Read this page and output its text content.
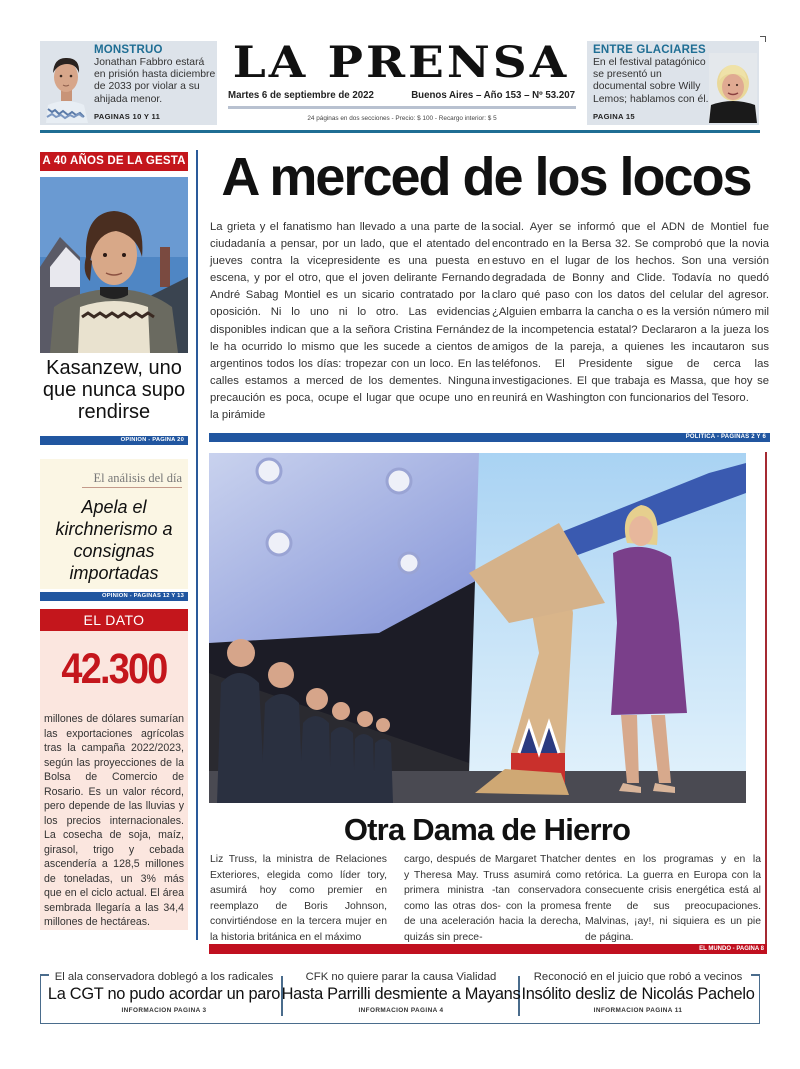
MONSTRUO
Jonathan Fabbro estará en prisión hasta diciembre de 2033 por violar a su ahijada menor.
PAGINAS 10 Y 11
LA PRENSA
Martes 6 de septiembre de 2022	Buenos Aires – Año 153 – Nº 53.207
24 páginas en dos secciones - Precio: $ 100 - Recargo interior: $ 5
ENTRE GLACIARES
En el festival patagónico se presentó un documental sobre Willy Lemos; hablamos con él.
PAGINA 15
A 40 AÑOS DE LA GESTA
Kasanzew, uno que nunca supo rendirse
OPINION - PAGINA 20
El análisis del día
Apela el kirchnerismo a consignas importadas
OPINION - PAGINAS 12 Y 13
EL DATO
42.300
millones de dólares sumarían las exportaciones agrícolas tras la campaña 2022/2023, según las proyecciones de la Bolsa de Comercio de Rosario. Es un valor récord, pero depende de las lluvias y los precios internacionales. La cosecha de soja, maíz, girasol, trigo y cebada ascendería a 128,5 millones de toneladas, un 3% más que en el ciclo actual. El área sembrada llegaría a las 34,4 millones de hectáreas.
A merced de los locos
La grieta y el fanatismo han llevado a una parte de la ciudadanía a pensar, por un lado, que el atentado del jueves contra la vicepresidente es una puesta en escena, y por el otro, que el joven delirante Fernando André Sabag Montiel es un sicario contratado por la oposición. Ni lo uno ni lo otro. Las evidencias disponibles indican que a la señora Cristina Fernández le ha ocurrido lo mismo que les sucede a cientos de argentinos todos los días: tropezar con un loco. En las calles estamos a merced de los dementes. Ninguna precaución es poca, ocupe el lugar que ocupe uno en la pirámide
social. Ayer se informó que el ADN de Montiel fue encontrado en la Bersa 32. Se comprobó que la novia estuvo en el lugar de los hechos. Son una versión degradada de Bonny and Clide. Todavía no quedó claro qué paso con los datos del celular del agresor. ¿Alguien embarra la cancha o es la versión número mil de la incompetencia estatal? Declararon a la jueza los amigos de la pareja, a quienes les incautaron sus teléfonos. El Presidente sigue de cerca las investigaciones. El que trabaja es Massa, que hoy se reunirá en Washington con funcionarios del Tesoro.
POLITICA - PAGINAS 2 Y 6
Otra Dama de Hierro
Liz Truss, la ministra de Relaciones Exteriores, elegida como líder tory, asumirá hoy como premier en reemplazo de Boris Johnson, convirtiéndose en la tercera mujer en la historia británica en el máximo
cargo, después de Margaret Thatcher y Theresa May. Truss asumirá como primera ministra -tan conservadora como las otras dos- con la promesa de una aceleración hacia la derecha, quizás sin prece-
dentes en los programas y en la retórica. La guerra en Europa con la consecuente crisis energética está al frente de sus preocupaciones. Malvinas, ¡ay!, ni siquiera es un pie de página.
EL MUNDO - PAGINA 8
El ala conservadora doblegó a los radicales
La CGT no pudo acordar un paro
INFORMACION PAGINA 3
CFK no quiere parar la causa Vialidad
Hasta Parrilli desmiente a Mayans
INFORMACION PAGINA 4
Reconoció en el juicio que robó a vecinos
Insólito desliz de Nicolás Pachelo
INFORMACION PAGINA 11
